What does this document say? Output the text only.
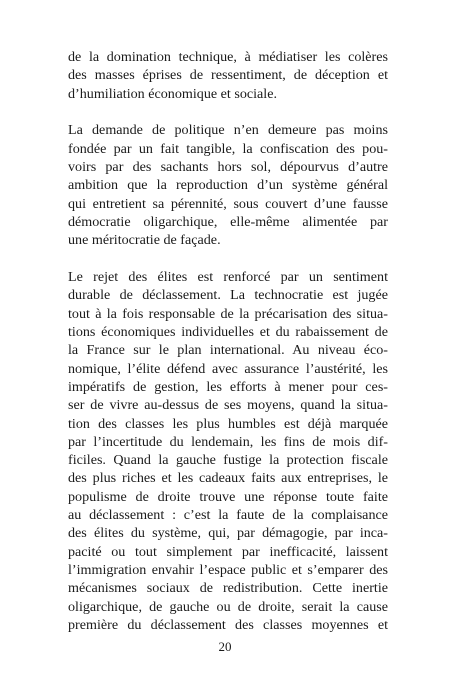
de la domination technique, à médiatiser les colères
des masses éprises de ressentiment, de déception et
d’humiliation économique et sociale.

La demande de politique n’en demeure pas moins
fondée par un fait tangible, la confiscation des pou-
voirs par des sachants hors sol, dépourvus d’autre
ambition que la reproduction d’un système général
qui entretient sa pérennité, sous couvert d’une fausse
démocratie oligarchique, elle-même alimentée par
une méritocratie de façade.

Le rejet des élites est renforcé par un sentiment
durable de déclassement. La technocratie est jugée
tout à la fois responsable de la précarisation des situa-
tions économiques individuelles et du rabaissement de
la France sur le plan international. Au niveau éco-
nomique, l’élite défend avec assurance l’austérité, les
impératifs de gestion, les efforts à mener pour ces-
ser de vivre au-dessus de ses moyens, quand la situa-
tion des classes les plus humbles est déjà marquée
par l’incertitude du lendemain, les fins de mois dif-
ficiles. Quand la gauche fustige la protection fiscale
des plus riches et les cadeaux faits aux entreprises, le
populisme de droite trouve une réponse toute faite
au déclassement : c’est la faute de la complaisance
des élites du système, qui, par démagogie, par inca-
pacité ou tout simplement par inefficacité, laissent
l’immigration envahir l’espace public et s’emparer des
mécanismes sociaux de redistribution. Cette inertie
oligarchique, de gauche ou de droite, serait la cause
première du déclassement des classes moyennes et

20
